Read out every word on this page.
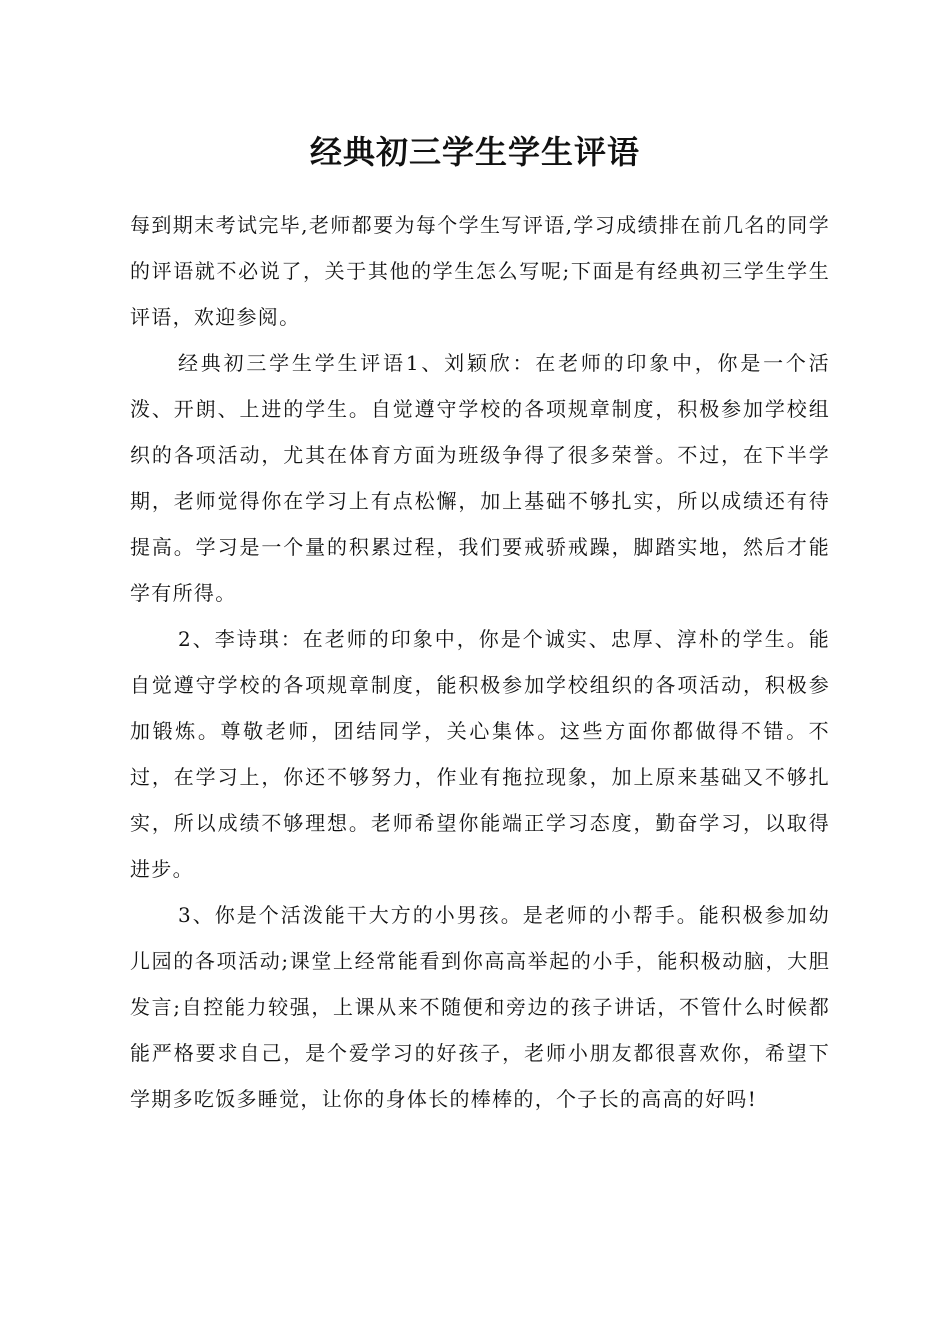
经典初三学生学生评语

每到期末考试完毕,老师都要为每个学生写评语,学习成绩排在前几名的同学的评语就不必说了，关于其他的学生怎么写呢;下面是有经典初三学生学生评语，欢迎参阅。

经典初三学生学生评语1、刘颖欣：在老师的印象中，你是一个活泼、开朗、上进的学生。自觉遵守学校的各项规章制度，积极参加学校组织的各项活动，尤其在体育方面为班级争得了很多荣誉。不过，在下半学期，老师觉得你在学习上有点松懈，加上基础不够扎实，所以成绩还有待提高。学习是一个量的积累过程，我们要戒骄戒躁，脚踏实地，然后才能学有所得。

2、李诗琪：在老师的印象中，你是个诚实、忠厚、淳朴的学生。能自觉遵守学校的各项规章制度，能积极参加学校组织的各项活动，积极参加锻炼。尊敬老师，团结同学，关心集体。这些方面你都做得不错。不过，在学习上，你还不够努力，作业有拖拉现象，加上原来基础又不够扎实，所以成绩不够理想。老师希望你能端正学习态度，勤奋学习，以取得进步。

3、你是个活泼能干大方的小男孩。是老师的小帮手。能积极参加幼儿园的各项活动;课堂上经常能看到你高高举起的小手，能积极动脑，大胆发言;自控能力较强，上课从来不随便和旁边的孩子讲话，不管什么时候都能严格要求自己，是个爱学习的好孩子，老师小朋友都很喜欢你，希望下学期多吃饭多睡觉，让你的身体长的棒棒的，个子长的高高的好吗!
